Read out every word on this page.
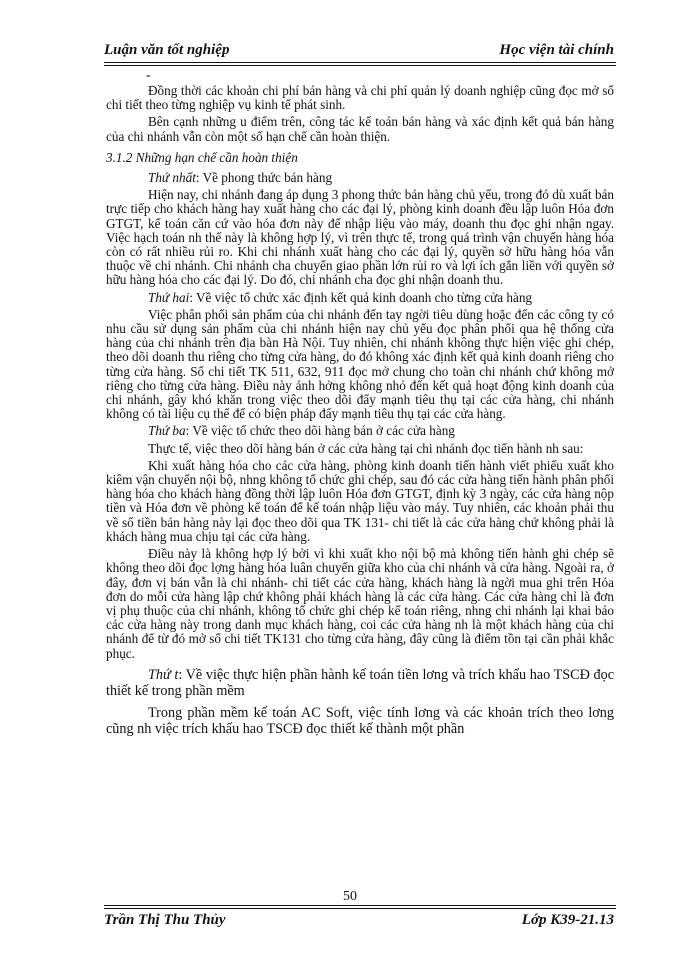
Luận văn tốt nghiệp	Học viện tài chính
-

Đồng thời các khoản chi phí bán hàng và chi phí quản lý doanh nghiệp cũng đọc mở sổ chi tiết theo từng nghiệp vụ kinh tế phát sinh.

Bên cạnh những u điểm trên, công tác kế toán bán hàng và xác định kết quả bán hàng của chi nhánh vẫn còn một số hạn chế cần hoàn thiện.

3.1.2 Những hạn chế cần hoàn thiện

Thứ nhất: Về phong thức bán hàng

Hiện nay, chi nhánh đang áp dụng 3 phong thức bán hàng chủ yếu, trong đó dù xuất bán trực tiếp cho khách hàng hay xuất hàng cho các đại lý, phòng kinh doanh đều lập luôn Hóa đơn GTGT, kế toán căn cứ vào hóa đơn này để nhập liệu vào máy, doanh thu đọc ghi nhận ngay. Việc hạch toán nh thế này là không hợp lý, vì trên thực tế, trong quá trình vận chuyển hàng hóa còn có rất nhiều rủi ro. Khi chi nhánh xuất hàng cho các đại lý, quyền sở hữu hàng hóa vẫn thuộc về chi nhánh. Chi nhánh cha chuyển giao phần lớn rủi ro và lợi ích gắn liền với quyền sở hữu hàng hóa cho các đại lý. Do đó, chi nhánh cha đọc ghi nhận doanh thu.

Thứ hai: Về việc tổ chức xác định kết quả kinh doanh cho từng cửa hàng

Việc phân phối sản phẩm của chi nhánh đến tay ngời tiêu dùng hoặc đến các công ty có nhu cầu sử dụng sản phẩm của chi nhánh hiện nay chủ yếu đọc phân phối qua hệ thống cửa hàng của chi nhánh trên địa bàn Hà Nội. Tuy nhiên, chi nhánh không thực hiện việc ghi chép, theo dõi doanh thu riêng cho từng cửa hàng, do đó không xác định kết quả kinh doanh riêng cho từng cửa hàng. Sổ chi tiết TK 511, 632, 911 đọc mở chung cho toàn chi nhánh chứ không mở riêng cho từng cửa hàng. Điều này ảnh hởng không nhỏ đến kết quả hoạt động kinh doanh của chi nhánh, gây khó khăn trong việc theo dõi đẩy mạnh tiêu thụ tại các cửa hàng, chi nhánh không có tài liệu cụ thể để có biện pháp đẩy mạnh tiêu thụ tại các cửa hàng.

Thứ ba: Về việc tổ chức theo dõi hàng bán ở các cửa hàng

Thực tế, việc theo dõi hàng bán ở các cửa hàng tại chi nhánh đọc tiến hành nh sau:

Khi xuất hàng hóa cho các cửa hàng, phòng kinh doanh tiến hành viết phiếu xuất kho kiêm vận chuyển nội bộ, nhng không tổ chức ghi chép, sau đó các cửa hàng tiến hành phân phối hàng hóa cho khách hàng đồng thời lập luôn Hóa đơn GTGT, định kỳ 3 ngày, các cửa hàng nộp tiền và Hóa đơn về phòng kế toán để kế toán nhập liệu vào máy. Tuy nhiên, các khoản phải thu về số tiền bán hàng này lại đọc theo dõi qua TK 131- chi tiết là các cửa hàng chứ không phải là khách hàng mua chịu tại các cửa hàng.

Điều này là không hợp lý bởi vì khi xuất kho nội bộ mà không tiến hành ghi chép sẽ không theo dõi đọc lợng hàng hóa luân chuyển giữa kho của chi nhánh và cửa hàng. Ngoài ra, ở đây, đơn vị bán vẫn là chi nhánh- chi tiết các cửa hàng, khách hàng là ngời mua ghi trên Hóa đơn do mỗi cửa hàng lập chứ không phải khách hàng là các cửa hàng. Các cửa hàng chỉ là đơn vị phụ thuộc của chi nhánh, không tổ chức ghi chép kế toán riêng, nhng chi nhánh lại khai báo các cửa hàng này trong danh mục khách hàng, coi các cửa hàng nh là một khách hàng của chi nhánh để từ đó mở sổ chi tiết TK131 cho từng cửa hàng, đây cũng là điểm tồn tại cần phải khắc phục.

Thứ t: Về việc thực hiện phần hành kế toán tiền lơng và trích khấu hao TSCĐ đọc thiết kế trong phần mềm

Trong phần mềm kế toán AC Soft, việc tính lơng và các khoản trích theo lơng cũng nh việc trích khấu hao TSCĐ đọc thiết kế thành một phần

50
Trần Thị Thu Thủy	Lớp K39-21.13
